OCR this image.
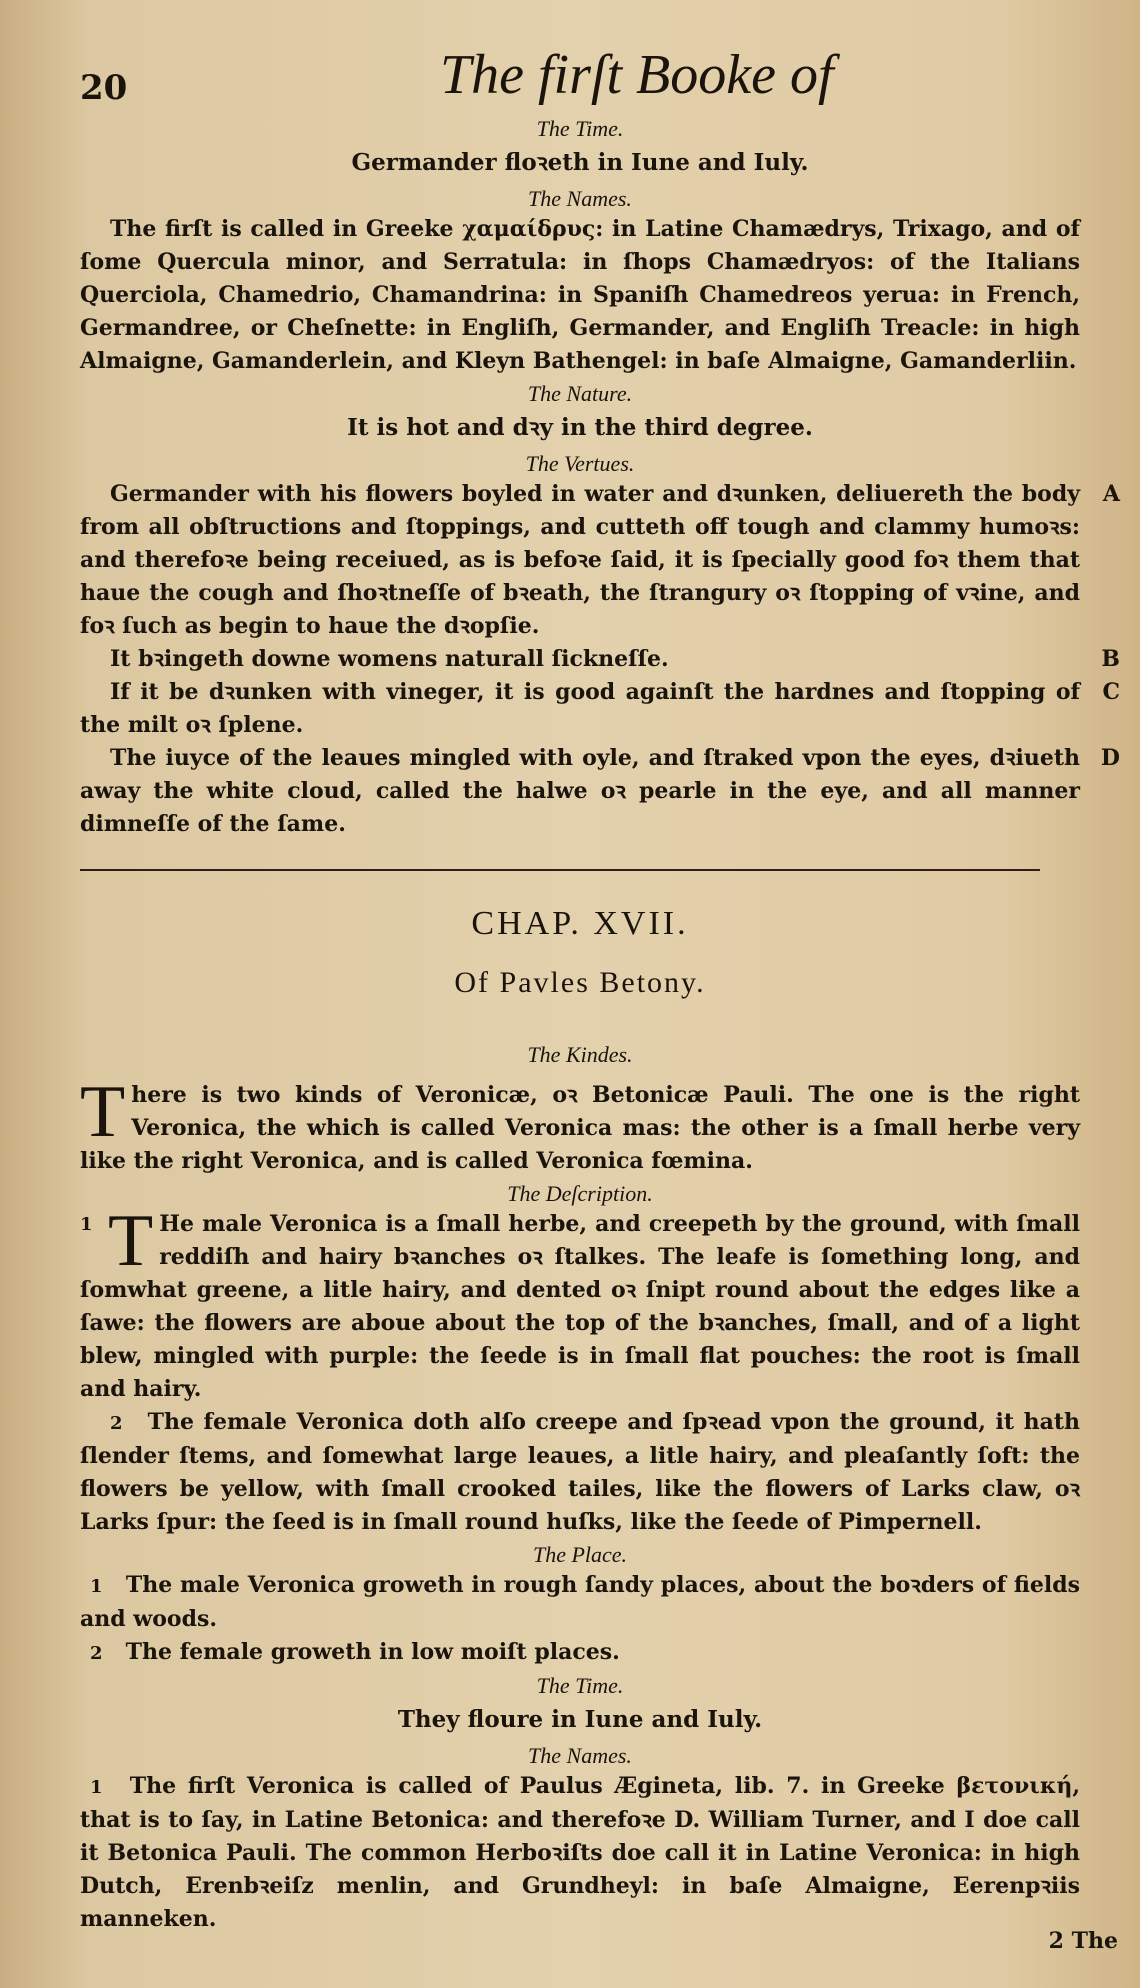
20	The firſt Booke of

The Time.

Germander floꝛeth in Iune and Iuly.

The Names.

The firſt is called in Greeke χαμαίδρυς: in Latine Chamædrys, Trixago, and of ſome Quercula minor, and Serratula: in ſhops Chamædryos: of the Italians Querciola, Chamedrio, Chamandrina: in Spaniſh Chamedreos yerua: in French, Germandree, or Cheſnette: in Engliſh, Germander, and Engliſh Treacle: in high Almaigne, Gamanderlein, and Kleyn Bathengel: in baſe Almaigne, Gamanderliin.

The Nature.

It is hot and dꝛy in the third degree.

The Vertues.

Germander with his flowers boyled in water and dꝛunken, deliuereth the body from all obſtructions and ſtoppings, and cutteth off tough and clammy humoꝛs: and therefoꝛe being receiued, as is befoꝛe ſaid, it is ſpecially good foꝛ them that haue the cough and ſhoꝛtneſſe of bꝛeath, the ſtrangury oꝛ ſtopping of vꝛine, and foꝛ ſuch as begin to haue the dꝛopſie.
A

It bꝛingeth downe womens naturall ſickneſſe.	B

If it be dꝛunken with vineger, it is good againſt the hardnes and ſtopping of the milt oꝛ ſplene.
C

The iuyce of the leaues mingled with oyle, and ſtraked vpon the eyes, dꝛiueth away the white cloud, called the halwe oꝛ pearle in the eye, and all manner dimneſſe of the ſame.
D

CHAP. XVII.

Of Pavles Betony.

The Kindes.

T here is two kinds of Veronicæ, oꝛ Betonicæ Pauli. The one is the right Veronica, the which is called Veronica mas: the other is a ſmall herbe very like the right Veronica, and is called Veronica fœmina.

The Deſcription.

1 T He male Veronica is a ſmall herbe, and creepeth by the ground, with ſmall reddiſh and hairy bꝛanches oꝛ ſtalkes. The leafe is ſomething long, and ſomwhat greene, a litle hairy, and dented oꝛ ſnipt round about the edges like a ſawe: the flowers are aboue about the top of the bꝛanches, ſmall, and of a light blew, mingled with purple: the ſeede is in ſmall flat pouches: the root is ſmall and hairy.

2 The female Veronica doth alſo creepe and ſpꝛead vpon the ground, it hath ſlender ſtems, and ſomewhat large leaues, a litle hairy, and pleaſantly ſoft: the flowers be yellow, with ſmall crooked tailes, like the flowers of Larks claw, oꝛ Larks ſpur: the ſeed is in ſmall round huſks, like the ſeede of Pimpernell.

The Place.

1 The male Veronica groweth in rough ſandy places, about the boꝛders of fields and woods.

2 The female groweth in low moiſt places.

The Time.

They floure in Iune and Iuly.

The Names.

1 The firſt Veronica is called of Paulus Ægineta, lib. 7. in Greeke βετονική, that is to ſay, in Latine Betonica: and therefoꝛe D. William Turner, and I doe call it Betonica Pauli. The common Herboꝛiſts doe call it in Latine Veronica: in high Dutch, Erenbꝛeiſz menlin, and Grundheyl: in baſe Almaigne, Eerenpꝛiis manneken.

2 The
